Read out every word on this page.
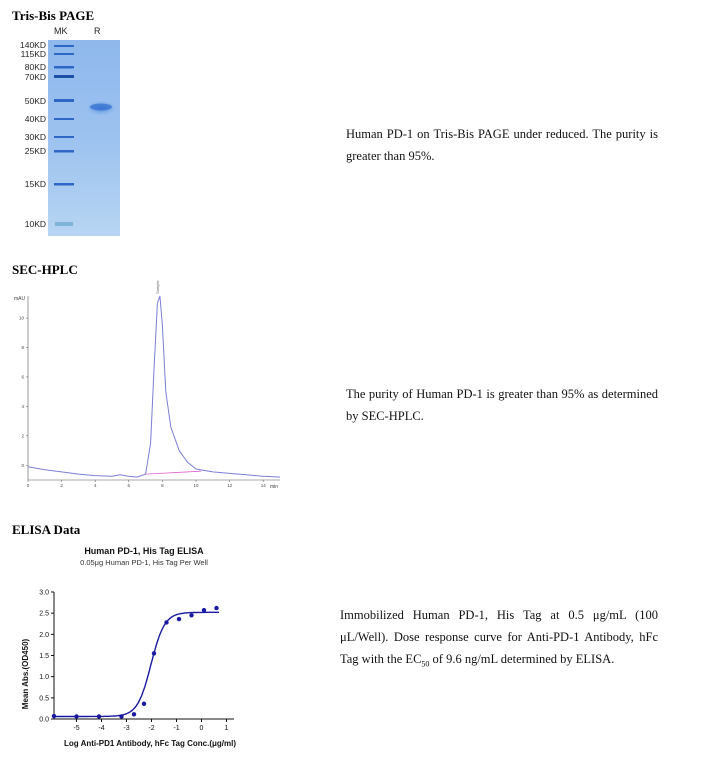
Tris-Bis PAGE
MK	R
140KD
115KD
80KD
70KD
50KD
40KD
30KD
25KD
15KD
10KD
Human PD-1 on Tris-Bis PAGE under reduced. The purity is greater than 95%.
SEC-HPLC
mAU
10
8
6
4
2
0
0	2	4	6	8	10	12	14 min
Sample
The purity of Human PD-1 is greater than 95% as determined by SEC-HPLC.
ELISA Data
Human PD-1, His Tag ELISA
0.05μg Human PD-1, His Tag Per Well
Mean Abs.(OD450)
Log Anti-PD1 Antibody, hFc Tag Conc.(μg/ml)
0.0
0.5
1.0
1.5
2.0
2.5
3.0
-5	-4	-3	-2	-1	0	1
Immobilized Human PD-1, His Tag at 0.5 μg/mL (100 μL/Well). Dose response curve for Anti-PD-1 Antibody, hFc Tag with the $EC_{50}$ of 9.6 ng/mL determined by ELISA.
